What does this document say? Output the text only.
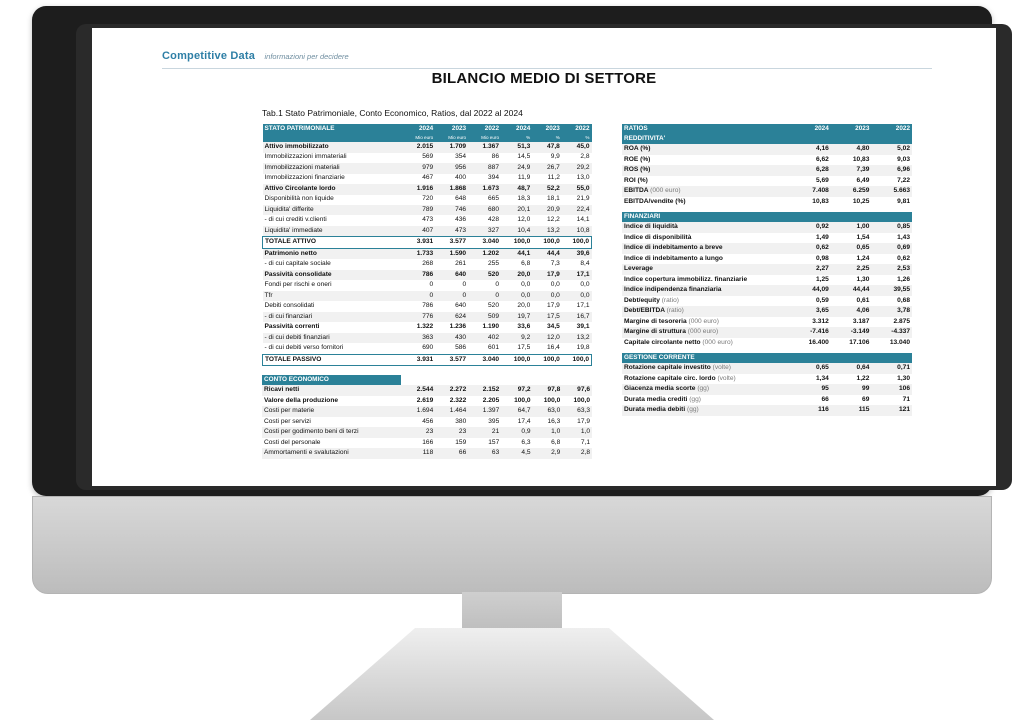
Competitive Data informazioni per decidere
BILANCIO MEDIO DI SETTORE
Tab.1 Stato Patrimoniale, Conto Economico, Ratios, dal 2022 al 2024
STATO PATRIMONIALE	2024	2023	2022	2024	2023	2022
	Mio euro	Mio euro	Mio euro	%	%	%
Attivo immobilizzato	2.015	1.709	1.367	51,3	47,8	45,0
Immobilizzazioni immateriali	569	354	86	14,5	9,9	2,8
Immobilizzazioni materiali	979	956	887	24,9	26,7	29,2
Immobilizzazioni finanziarie	467	400	394	11,9	11,2	13,0
Attivo Circolante lordo	1.916	1.868	1.673	48,7	52,2	55,0
Disponibilità non liquide	720	648	665	18,3	18,1	21,9
Liquidita' differite	789	746	680	20,1	20,9	22,4
- di cui crediti v.clienti	473	436	428	12,0	12,2	14,1
Liquidita' immediate	407	473	327	10,4	13,2	10,8
TOTALE ATTIVO	3.931	3.577	3.040	100,0	100,0	100,0
Patrimonio netto	1.733	1.590	1.202	44,1	44,4	39,6
- di cui capitale sociale	268	261	255	6,8	7,3	8,4
Passività consolidate	786	640	520	20,0	17,9	17,1
Fondi per rischi e oneri	0	0	0	0,0	0,0	0,0
Tfr	0	0	0	0,0	0,0	0,0
Debiti consolidati	786	640	520	20,0	17,9	17,1
- di cui finanziari	776	624	509	19,7	17,5	16,7
Passività correnti	1.322	1.236	1.190	33,6	34,5	39,1
- di cui debiti finanziari	363	430	402	9,2	12,0	13,2
- di cui debiti verso fornitori	690	586	601	17,5	16,4	19,8
TOTALE PASSIVO	3.931	3.577	3.040	100,0	100,0	100,0
CONTO ECONOMICO						
Ricavi netti	2.544	2.272	2.152	97,2	97,8	97,6
Valore della produzione	2.619	2.322	2.205	100,0	100,0	100,0
Costi per materie	1.694	1.464	1.397	64,7	63,0	63,3
Costi per servizi	456	380	395	17,4	16,3	17,9
Costi per godimento beni di terzi	23	23	21	0,9	1,0	1,0
Costi del personale	166	159	157	6,3	6,8	7,1
Ammortamenti e svalutazioni	118	66	63	4,5	2,9	2,8
RATIOS	2024	2023	2022
REDDITIVITA'			
ROA (%)	4,16	4,80	5,02
ROE (%)	6,62	10,83	9,03
ROS (%)	6,28	7,39	6,96
ROI (%)	5,69	6,49	7,22
EBITDA (000 euro)	7.408	6.259	5.663
EBITDA/vendite (%)	10,83	10,25	9,81

FINANZIARI			
Indice di liquidità	0,92	1,00	0,85
Indice di disponibilità	1,49	1,54	1,43
Indice di indebitamento a breve	0,62	0,65	0,69
Indice di indebitamento a lungo	0,98	1,24	0,62
Leverage	2,27	2,25	2,53
Indice copertura immobilizz. finanziarie	1,25	1,30	1,26
Indice indipendenza finanziaria	44,09	44,44	39,55
Debt/equity (ratio)	0,59	0,61	0,68
Debt/EBITDA (ratio)	3,65	4,06	3,78
Margine di tesoreria (000 euro)	3.312	3.187	2.875
Margine di struttura (000 euro)	-7.416	-3.149	-4.337
Capitale circolante netto (000 euro)	16.400	17.106	13.040

GESTIONE CORRENTE			
Rotazione capitale investito (volte)	0,65	0,64	0,71
Rotazione capitale circ. lordo (volte)	1,34	1,22	1,30
Giacenza media scorte (gg)	95	99	106
Durata media crediti (gg)	66	69	71
Durata media debiti (gg)	116	115	121
